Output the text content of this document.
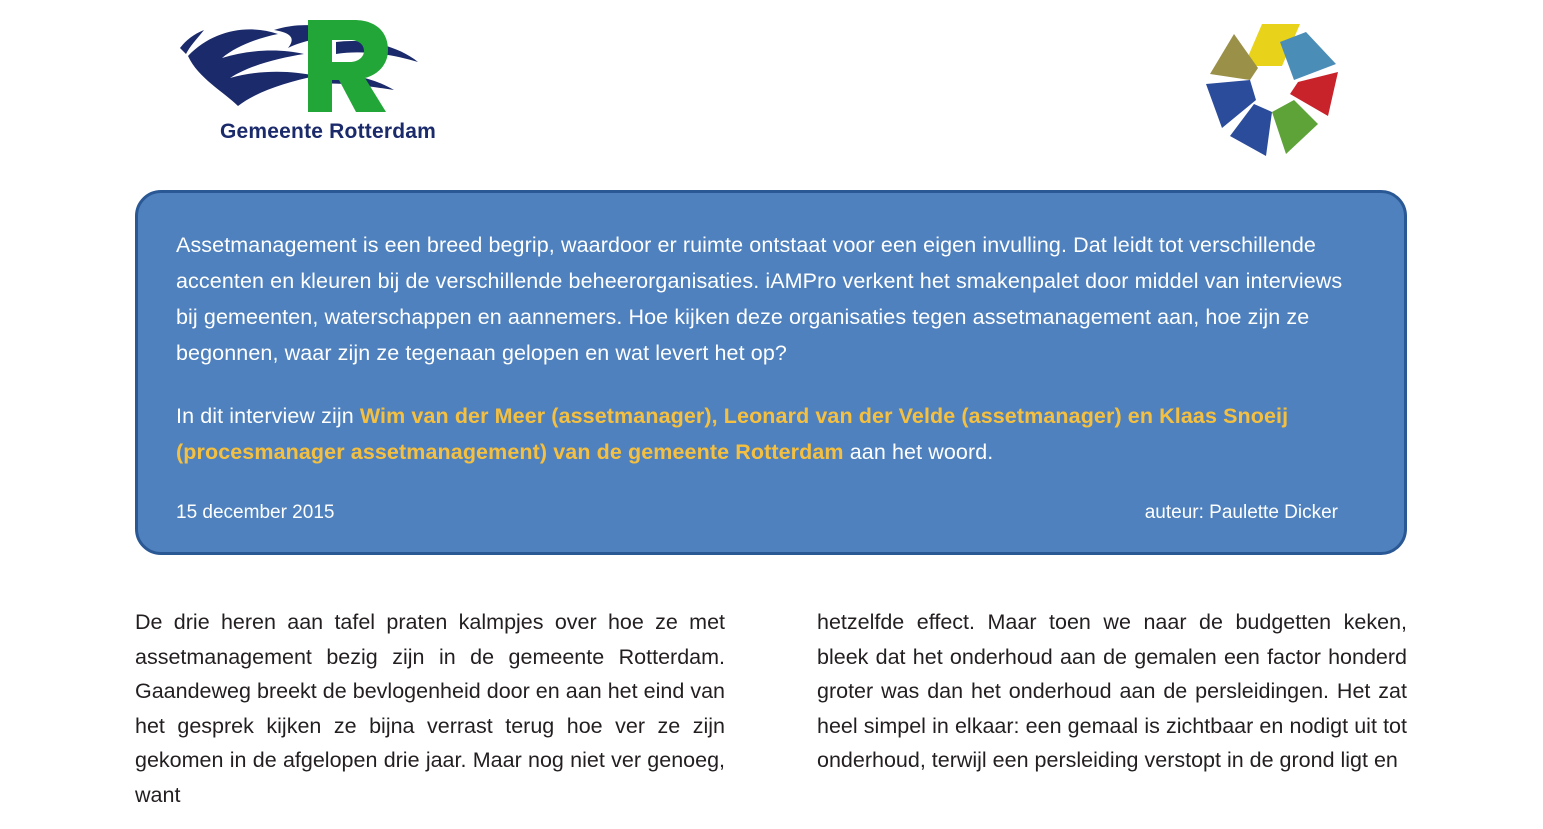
Gemeente Rotterdam
Assetmanagement is een breed begrip, waardoor er ruimte ontstaat voor een eigen invulling. Dat leidt tot verschillende accenten en kleuren bij de verschillende beheerorganisaties. iAMPro verkent het smakenpalet door middel van interviews bij gemeenten, waterschappen en aannemers. Hoe kijken deze organisaties tegen assetmanagement aan, hoe zijn ze begonnen, waar zijn ze tegenaan gelopen en wat levert het op?
In dit interview zijn Wim van der Meer (assetmanager), Leonard van der Velde (assetmanager) en Klaas Snoeij (procesmanager assetmanagement) van de gemeente Rotterdam aan het woord.
15 december 2015	auteur: Paulette Dicker

De drie heren aan tafel praten kalmpjes over hoe ze met assetmanagement bezig zijn in de gemeente Rotterdam. Gaandeweg breekt de bevlogenheid door en aan het eind van het gesprek kijken ze bijna verrast terug hoe ver ze zijn gekomen in de afgelopen drie jaar. Maar nog niet ver genoeg, want

hetzelfde effect. Maar toen we naar de budgetten keken, bleek dat het onderhoud aan de gemalen een factor honderd groter was dan het onderhoud aan de persleidingen. Het zat heel simpel in elkaar: een gemaal is zichtbaar en nodigt uit tot onderhoud, terwijl een persleiding verstopt in de grond ligt en
